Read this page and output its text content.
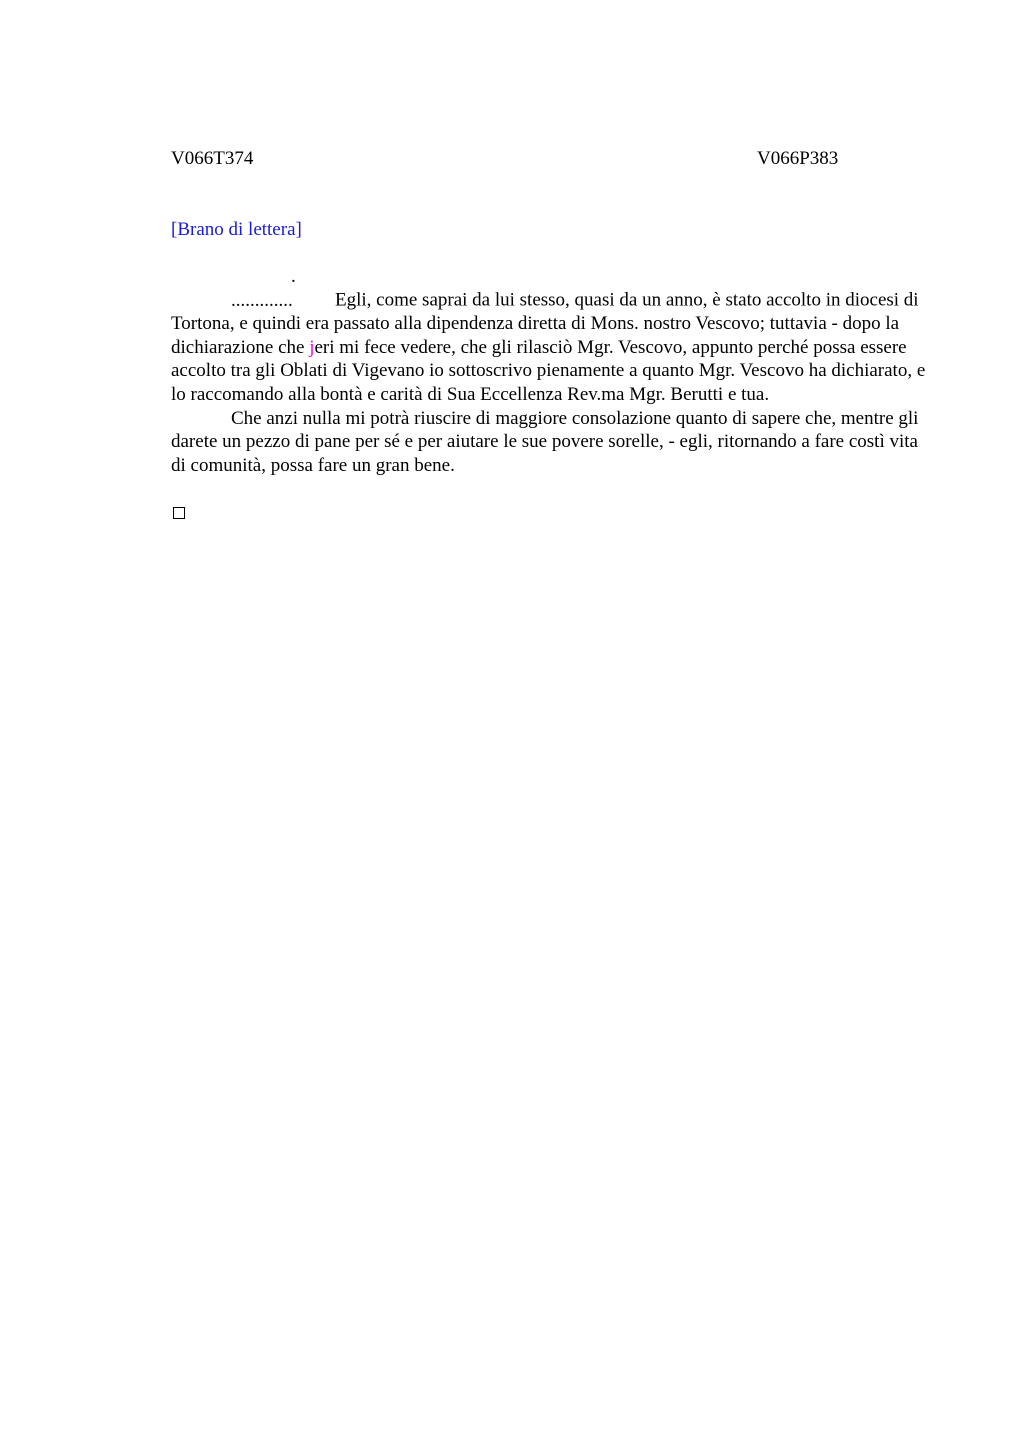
V066T374	V066P383
[Brano di lettera]

. ............. Egli, come saprai da lui stesso, quasi da un anno, è stato accolto in diocesi di Tortona, e quindi era passato alla dipendenza diretta di Mons. nostro Vescovo; tuttavia - dopo la dichiarazione che jeri mi fece vedere, che gli rilasciò Mgr. Vescovo, appunto perché possa essere accolto tra gli Oblati di Vigevano io sottoscrivo pienamente a quanto Mgr. Vescovo ha dichiarato, e lo raccomando alla bontà e carità di Sua Eccellenza Rev.ma Mgr. Berutti e tua.

Che anzi nulla mi potrà riuscire di maggiore consolazione quanto di sapere che, mentre gli darete un pezzo di pane per sé e per aiutare le sue povere sorelle, - egli, ritornando a fare costì vita di comunità, possa fare un gran bene.
